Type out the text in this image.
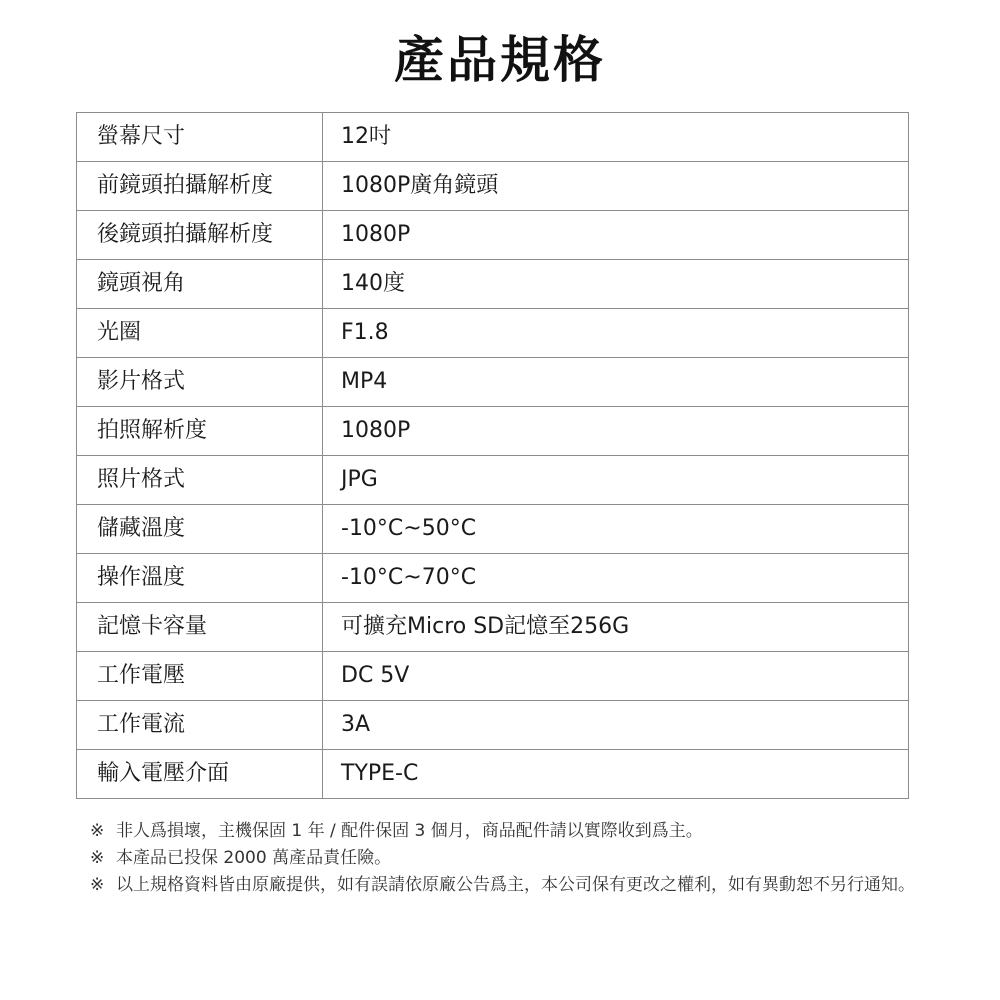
產品規格
螢幕尺寸	12吋
前鏡頭拍攝解析度	1080P廣角鏡頭
後鏡頭拍攝解析度	1080P
鏡頭視角	140度
光圈	F1.8
影片格式	MP4
拍照解析度	1080P
照片格式	JPG
儲藏溫度	-10°C~50°C
操作溫度	-10°C~70°C
記憶卡容量	可擴充Micro SD記憶至256G
工作電壓	DC 5V
工作電流	3A
輸入電壓介面	TYPE-C
※ 非人爲損壞，主機保固 1 年 / 配件保固 3 個月，商品配件請以實際收到爲主。
※ 本產品已投保 2000 萬產品責任險。
※ 以上規格資料皆由原廠提供，如有誤請依原廠公告爲主，本公司保有更改之權利，如有異動恕不另行通知。
